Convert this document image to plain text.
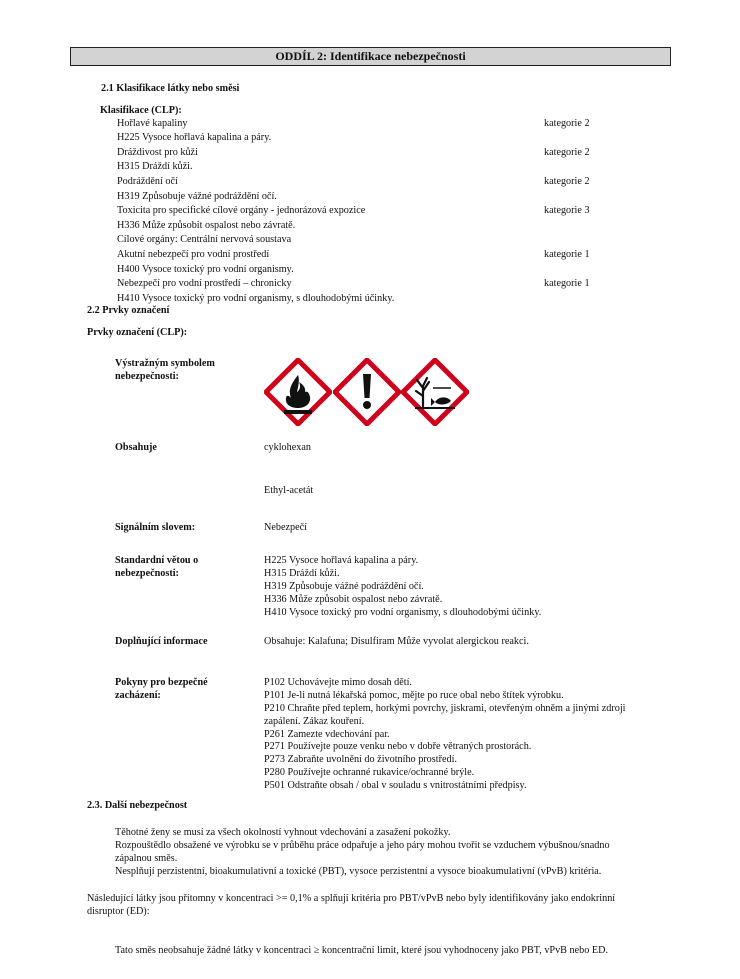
ODDÍL 2: Identifikace nebezpečnosti
2.1 Klasifikace látky nebo směsi
Klasifikace (CLP):
Hořlavé kapaliny	kategorie 2
H225 Vysoce hořlavá kapalina a páry.
Dráždivost pro kůži	kategorie 2
H315 Dráždí kůži.
Podráždění očí	kategorie 2
H319 Způsobuje vážné podráždění očí.
Toxicita pro specifické cílové orgány - jednorázová expozice	kategorie 3
H336 Může způsobit ospalost nebo závratě.
Cílové orgány: Centrální nervová soustava
Akutní nebezpečí pro vodní prostředí	kategorie 1
H400 Vysoce toxický pro vodní organismy.
Nebezpečí pro vodní prostředí – chronicky	kategorie 1
H410 Vysoce toxický pro vodní organismy, s dlouhodobými účinky.
2.2 Prvky označení
Prvky označení (CLP):
Výstražným symbolem
nebezpečnosti:
Obsahuje	cyklohexan
Ethyl-acetát
Signálním slovem:	Nebezpečí
Standardní větou o
nebezpečnosti:
H225 Vysoce hořlavá kapalina a páry.
H315 Dráždí kůži.
H319 Způsobuje vážné podráždění očí.
H336 Může způsobit ospalost nebo závratě.
H410 Vysoce toxický pro vodní organismy, s dlouhodobými účinky.
Doplňující informace	Obsahuje: Kalafuna; Disulfiram Může vyvolat alergickou reakci.
Pokyny pro bezpečné
zacházení:
P102 Uchovávejte mimo dosah dětí.
P101 Je-li nutná lékařská pomoc, mějte po ruce obal nebo štítek výrobku.
P210 Chraňte před teplem, horkými povrchy, jiskrami, otevřeným ohněm a jinými zdroji
zapálení. Zákaz kouření.
P261 Zamezte vdechování par.
P271 Používejte pouze venku nebo v dobře větraných prostorách.
P273 Zabraňte uvolnění do životního prostředí.
P280 Používejte ochranné rukavice/ochranné brýle.
P501 Odstraňte obsah / obal v souladu s vnitrostátními předpisy.
2.3. Další nebezpečnost
Těhotné ženy se musí za všech okolností vyhnout vdechování a zasažení pokožky.
Rozpouštědlo obsažené ve výrobku se v průběhu práce odpařuje a jeho páry mohou tvořit se vzduchem výbušnou/snadno
zápalnou směs.
Nesplňují perzistentní, bioakumulativní a toxické (PBT), vysoce perzistentní a vysoce bioakumulativní (vPvB) kritéria.
Následující látky jsou přítomny v koncentraci >= 0,1% a splňují kritéria pro PBT/vPvB nebo byly identifikovány jako endokrinní
disruptor (ED):
Tato směs neobsahuje žádné látky v koncentraci ≥ koncentrační limit, které jsou vyhodnoceny jako PBT, vPvB nebo ED.
